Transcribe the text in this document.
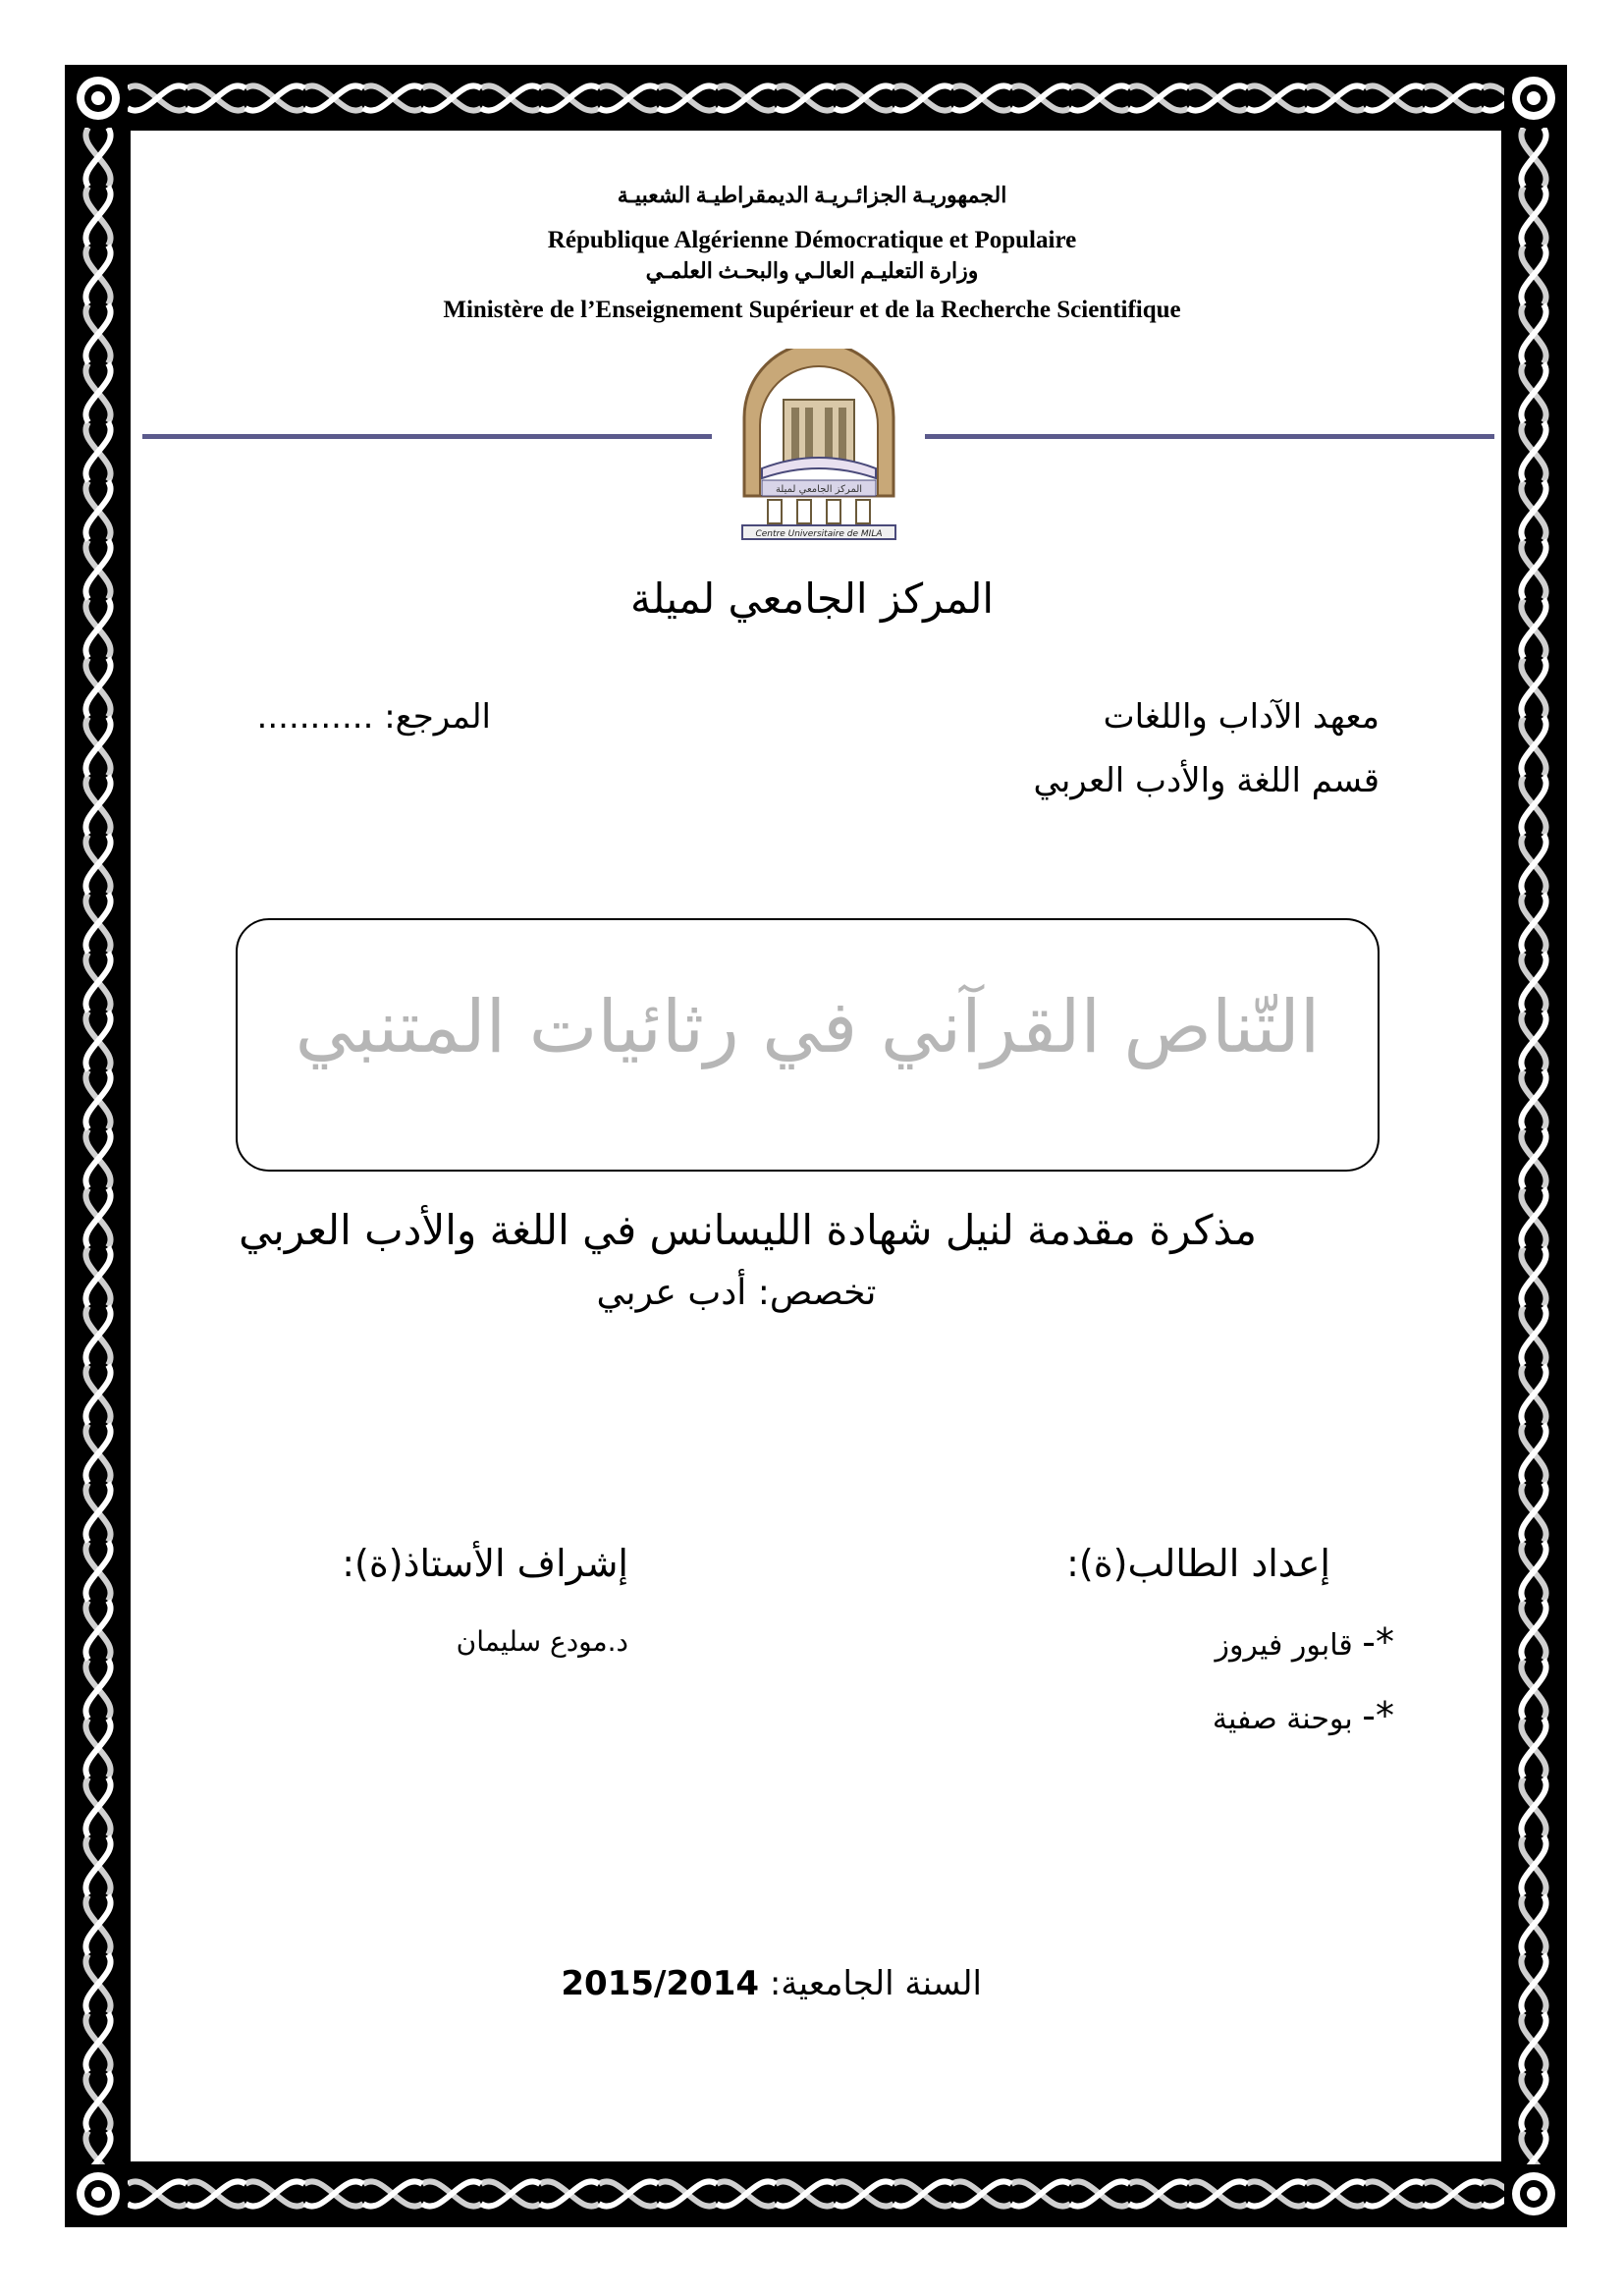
الجمهوريـة الجزائـريـة الديمقراطيـة الشعبيـة
République Algérienne Démocratique et Populaire
وزارة التعليـم العالـي والبحـث العلمـي
Ministère de l’Enseignement Supérieur et de la Recherche Scientifique
المركز الجامعي لميلة
Centre Universitaire de MILA
المركز الجامعي لميلة
معهد الآداب واللغات
قسم اللغة والأدب العربي
المرجع: ...........
التّناص القرآني في رثائيات المتنبي
مذكرة مقدمة لنيل شهادة الليسانس في اللغة والأدب العربي
تخصص: أدب عربي
إعداد الطالب(ة):
إشراف الأستاذ(ة):
*- قابور فيروز
*- بوحنة صفية
د.مودع سليمان
السنة الجامعية: 2015/2014
